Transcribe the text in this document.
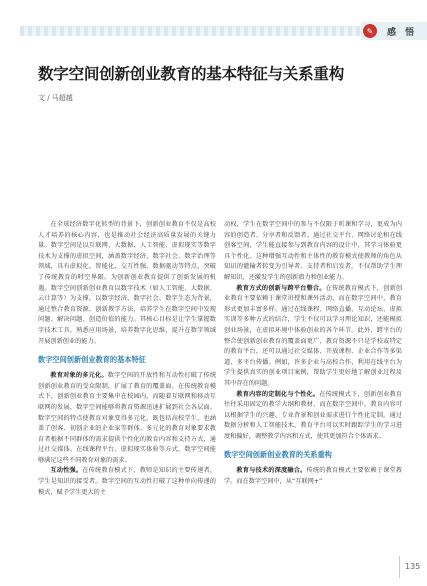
✎	感 悟
数字空间创新创业教育的基本特征与关系重构
文 / 马超越

在全球经济数字化转型的背景下，创新创业教育不仅是高校人才培养的核心内容，也是推动社会经济高质量发展的关键力量。数字空间是以互联网、大数据、人工智能、虚拟现实等数字技术为支撑的虚拟空间，涵盖数字经济、数字社会、数字治理等领域，具有虚拟化、智能化、交互性强、数据驱动等特点，突破了传统教育的时空界限。为创新创业教育提供了创新发展的机遇。数字空间创新创业教育以数字技术（如人工智能、大数据、云计算等）为支撑，以数字经济、数字社会、数字生态为背景，通过整合教育资源、创新教学方法，培养学生在数字空间中发现问题、解决问题、创造价值的能力。其核心目标是让学生掌握数字技术工具，熟悉应用场景，培养数字化思维，提升在数字领域开展创新创业的能力。

数字空间创新创业教育的基本特征

教育对象的多元化。数字空间的开放性和互动性打破了传统创新创业教育的受众限制，扩展了教育的覆盖面。在传统教育模式下，创新创业教育主要集中在校园内，而随着互联网和移动互联网的发展，数字空间能够将教育资源迅速扩展到社会各层面。数字空间的特点使教育对象变得多元化，既包括高校学生，也涵盖了创客、初创企业的企业家等群体。多元化的教育对象要求教育者根据不同群体的需求提供个性化的教育内容和支持方式，通过社交媒体、在线课程平台、虚拟现实体验等方式，数字空间能够满足这些不同教育对象的需求。

互动性强。在传统教育模式下，教师是知识的主要传递者，学生是知识的接受者。数字空间的互动性打破了这种单向传递的模式，赋予学生更大的主

动权，学生在数字空间中的参与不仅限于听课和学习，更成为内容的创造者、分享者和反馈者。通过社交平台、网络讨论和在线创客空间，学生能直接参与到教育内容的设计中，其学习体验更具个性化。这种增强互动性和主体性的教育模式使教师的角色从知识的灌输者转变为引导者、支持者和启发者。不仅帮助学生理解知识，还激发学生的创新潜力和创业能力。

教育方式的创新与跨平台整合。在传统教育模式下，创新创业教育主要依赖于课堂讲授和课外活动，而在数字空间中，教育形式更加丰富多样。通过在线课程、网络直播、互动论坛、虚拟实训等多种方式的结合，学生不仅可以学习理论知识，还能模拟创业场景，在虚拟环境中体验创业的各个环节。此外，跨平台的整合使创新创业教育的覆盖面更广，教育资源不只是学校或特定的教育平台，还可以通过社交媒体、开放课程、企业合作等多渠道、多平台传播。例如，许多企业与高校合作，利用在线平台为学生提供真实的创业项目案例，帮助学生更好地了解创业过程及其中存在的问题。

教育内容的定制化与个性化。在传统模式下，创新创业教育往往采用固定的教学大纲和教材，而在数字空间中，教育内容可以根据学生的兴趣、专业背景和创业需求进行个性化定制。通过数据分析和人工智能技术，教育平台可以实时跟踪学生的学习进度和偏好，调整教学内容和方式，使其更加符合个体需求。

数字空间创新创业教育的关系重构

教育与技术的深度融合。传统的教育模式主要依赖于课堂教学。而在数字空间中，从“互联网+”

135
